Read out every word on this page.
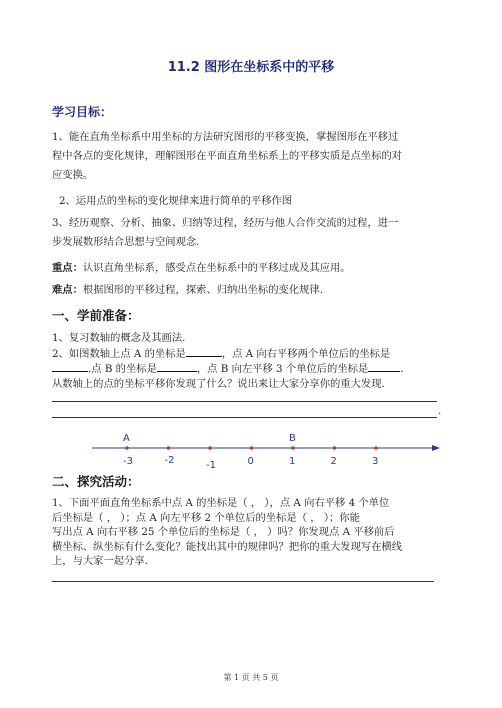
11.2 图形在坐标系中的平移
学习目标：
1、能在直角坐标系中用坐标的方法研究图形的平移变换，掌握图形在平移过
程中各点的变化规律，理解图形在平面直角坐标系上的平移实质是点坐标的对
应变换。
2、运用点的坐标的变化规律来进行简单的平移作图
3、经历观察、分析、抽象、归纳等过程，经历与他人合作交流的过程，进一
步发展数形结合思想与空间观念.
重点：认识直角坐标系，感受点在坐标系中的平移过成及其应用。
难点：根据图形的平移过程，探索、归纳出坐标的变化规律.
一、学前准备：
1、复习数轴的概念及其画法.
2、如图数轴上点 A 的坐标是	，点 A 向右平移两个单位后的坐标是
.点 B 的坐标是	，点 B 向左平移 3 个单位后的坐标是	.
从数轴上的点的坐标平移你发现了什么？说出来让大家分享你的重大发现.
.
A	B
-3	-2	-1	0	1	2	3
二、探究活动：
1、下面平面直角坐标系中点 A 的坐标是（ ， ），点 A 向右平移 4 个单位
后坐标是（ ， ）；点 A 向左平移 2 个单位后的坐标是（ ， ）；你能
写出点 A 向右平移 25 个单位后的坐标是（ ， ）吗？你发现点 A 平移前后
横坐标、纵坐标有什么变化？能找出其中的规律吗？把你的重大发现写在横线
上，与大家一起分享.
第 1 页 共 5 页
